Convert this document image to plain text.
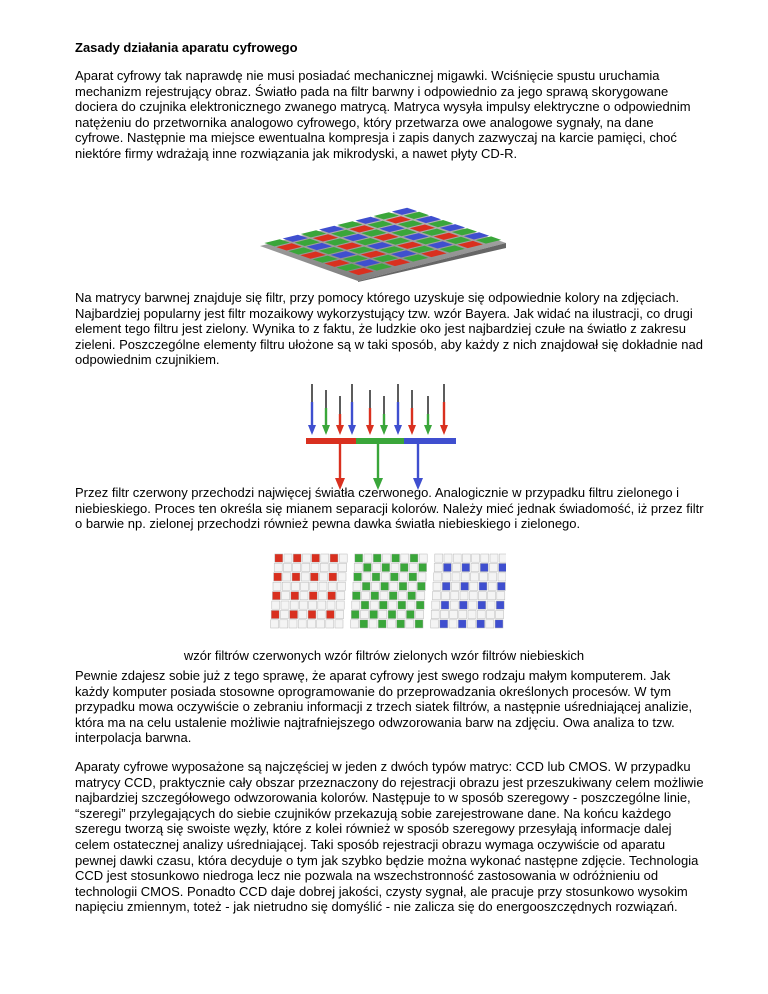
Zasady działania aparatu cyfrowego

Aparat cyfrowy tak naprawdę nie musi posiadać mechanicznej migawki. Wciśnięcie spustu uruchamia mechanizm rejestrujący obraz. Światło pada na filtr barwny i odpowiednio za jego sprawą skorygowane dociera do czujnika elektronicznego zwanego matrycą. Matryca wysyła impulsy elektryczne o odpowiednim natężeniu do przetwornika analogowo cyfrowego, który przetwarza owe analogowe sygnały, na dane cyfrowe. Następnie ma miejsce ewentualna kompresja i zapis danych zazwyczaj na karcie pamięci, choć niektóre firmy wdrażają inne rozwiązania jak mikrodyski, a nawet płyty CD-R.

Na matrycy barwnej znajduje się filtr, przy pomocy którego uzyskuje się odpowiednie kolory na zdjęciach. Najbardziej popularny jest filtr mozaikowy wykorzystujący tzw. wzór Bayera. Jak widać na ilustracji, co drugi element tego filtru jest zielony. Wynika to z faktu, że ludzkie oko jest najbardziej czułe na światło z zakresu zieleni. Poszczególne elementy filtru ułożone są w taki sposób, aby każdy z nich znajdował się dokładnie nad odpowiednim czujnikiem.

Przez filtr czerwony przechodzi najwięcej światła czerwonego. Analogicznie w przypadku filtru zielonego i niebieskiego. Proces ten określa się mianem separacji kolorów. Należy mieć jednak świadomość, iż przez filtr o barwie np. zielonej przechodzi również pewna dawka światła niebieskiego i zielonego.

wzór filtrów czerwonych wzór filtrów zielonych wzór filtrów niebieskich

Pewnie zdajesz sobie już z tego sprawę, że aparat cyfrowy jest swego rodzaju małym komputerem. Jak każdy komputer posiada stosowne oprogramowanie do przeprowadzania określonych procesów. W tym przypadku mowa oczywiście o zebraniu informacji z trzech siatek filtrów, a następnie uśredniającej analizie, która ma na celu ustalenie możliwie najtrafniejszego odwzorowania barw na zdjęciu. Owa analiza to tzw. interpolacja barwna.

Aparaty cyfrowe wyposażone są najczęściej w jeden z dwóch typów matryc: CCD lub CMOS. W przypadku matrycy CCD, praktycznie cały obszar przeznaczony do rejestracji obrazu jest przeszukiwany celem możliwie najbardziej szczegółowego odwzorowania kolorów. Następuje to w sposób szeregowy - poszczególne linie, “szeregi” przylegających do siebie czujników przekazują sobie zarejestrowane dane. Na końcu każdego szeregu tworzą się swoiste węzły, które z kolei również w sposób szeregowy przesyłają informacje dalej celem ostatecznej analizy uśredniającej. Taki sposób rejestracji obrazu wymaga oczywiście od aparatu pewnej dawki czasu, która decyduje o tym jak szybko będzie można wykonać następne zdjęcie. Technologia CCD jest stosunkowo niedroga lecz nie pozwala na wszechstronność zastosowania w odróżnieniu od technologii CMOS. Ponadto CCD daje dobrej jakości, czysty sygnał, ale pracuje przy stosunkowo wysokim napięciu zmiennym, toteż - jak nietrudno się domyślić - nie zalicza się do energooszczędnych rozwiązań.
